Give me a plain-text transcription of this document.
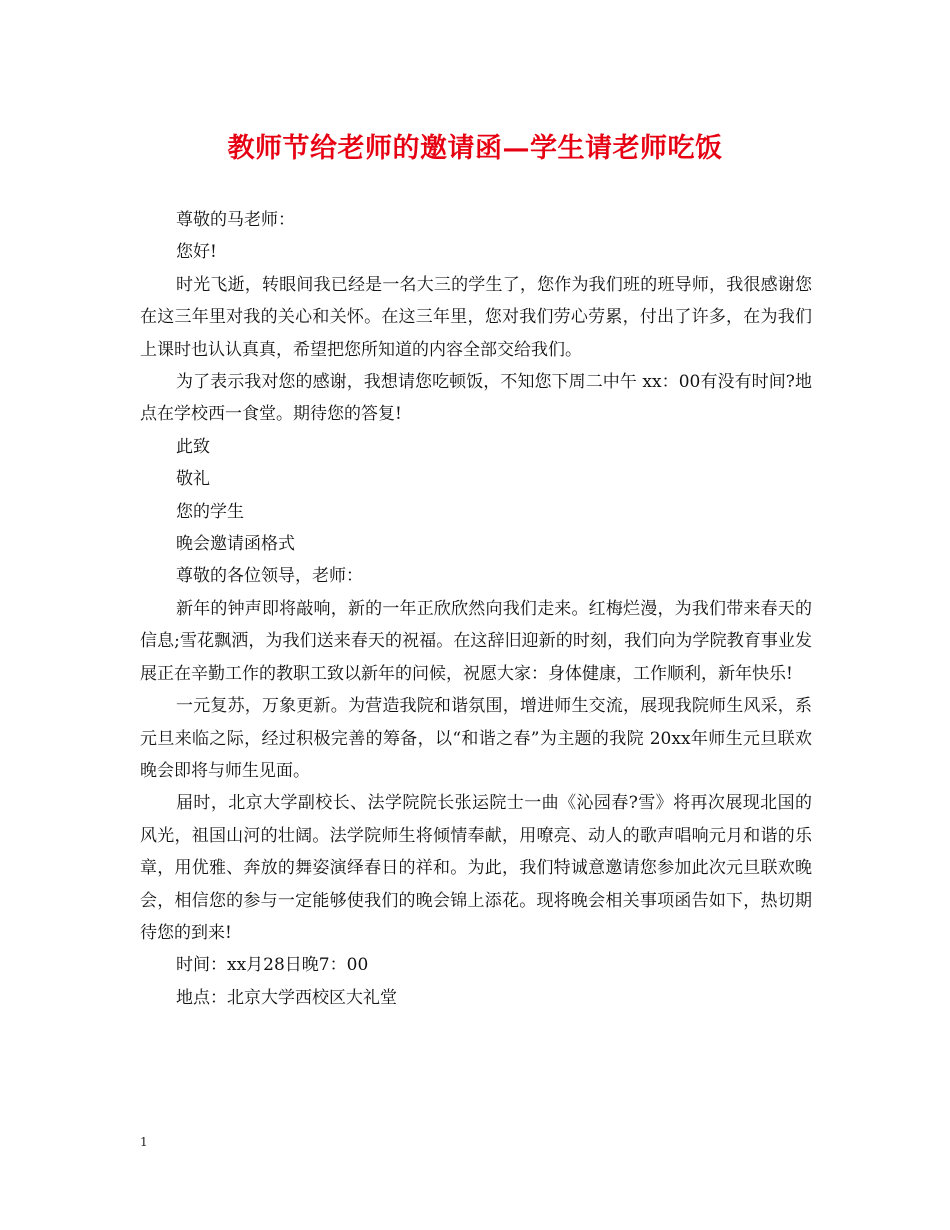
教师节给老师的邀请函—学生请老师吃饭

尊敬的马老师：

您好!

时光飞逝，转眼间我已经是一名大三的学生了，您作为我们班的班导师，我很感谢您在这三年里对我的关心和关怀。在这三年里，您对我们劳心劳累，付出了许多，在为我们上课时也认认真真，希望把您所知道的内容全部交给我们。

为了表示我对您的感谢，我想请您吃顿饭，不知您下周二中午 xx：00有没有时间?地点在学校西一食堂。期待您的答复!

此致

敬礼

您的学生

晚会邀请函格式

尊敬的各位领导，老师：

新年的钟声即将敲响，新的一年正欣欣然向我们走来。红梅烂漫，为我们带来春天的信息;雪花飘洒，为我们送来春天的祝福。在这辞旧迎新的时刻，我们向为学院教育事业发展正在辛勤工作的教职工致以新年的问候，祝愿大家：身体健康，工作顺利，新年快乐!

一元复苏，万象更新。为营造我院和谐氛围，增进师生交流，展现我院师生风采，系元旦来临之际，经过积极完善的筹备，以“和谐之春”为主题的我院 20xx年师生元旦联欢晚会即将与师生见面。

届时，北京大学副校长、法学院院长张运院士一曲《沁园春?雪》将再次展现北国的风光，祖国山河的壮阔。法学院师生将倾情奉献，用嘹亮、动人的歌声唱响元月和谐的乐章，用优雅、奔放的舞姿演绎春日的祥和。为此，我们特诚意邀请您参加此次元旦联欢晚会，相信您的参与一定能够使我们的晚会锦上添花。现将晚会相关事项函告如下，热切期待您的到来!

时间：xx月28日晚7：00

地点：北京大学西校区大礼堂

1
